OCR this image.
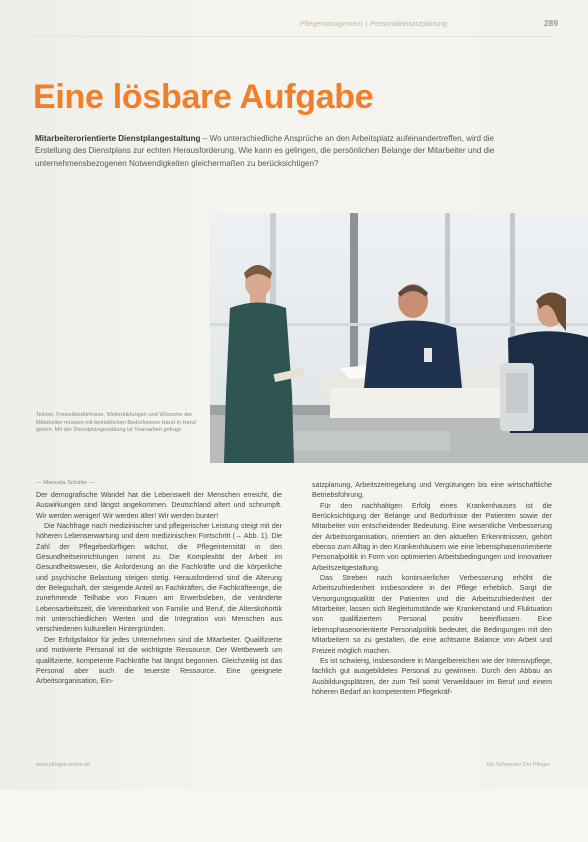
Pflegemanagement | Personaleinsatzplanung	289
Eine lösbare Aufgabe
Mitarbeiterorientierte Dienstplangestaltung – Wo unterschiedliche Ansprüche an den Arbeitsplatz aufeinandertreffen, wird die Erstellung des Dienstplans zur echten Herausforderung. Wie kann es gelingen, die persönlichen Belange der Mitarbeiter und die unternehmensbezogenen Notwendigkeiten gleichermaßen zu berücksichtigen?
Teilzeit, Freizeitbedürfnisse, Weiterbildungen und Wünsche der Mitarbeiter müssen mit betrieblichen Bedürfnissen Hand in Hand gehen. Mit der Dienstplangestaltung ist Teamarbeit gefragt.
— Manuela Schäfer —

Der demografische Wandel hat die Lebenswelt der Menschen erreicht, die Auswirkungen sind längst angekommen. Deutschland altert und schrumpft. Wir werden weniger! Wir werden älter! Wir werden bunter!

Die Nachfrage nach medizinischer und pflegerischer Leistung steigt mit der höheren Lebenserwartung und dem medizinischen Fortschritt (→ Abb. 1). Die Zahl der Pflegebedürftigen wächst, die Pflegeintensität in den Gesundheitseinrichtungen nimmt zu. Die Komplexität der Arbeit im Gesundheitswesen, die Anforderung an die Fachkräfte und die körperliche und psychische Belastung steigen stetig. Herausfordernd sind die Alterung der Belegschaft, der steigende Anteil an Fachkräften, die Fachkräfteenge, die zunehmende Teilhabe von Frauen am Erwerbsleben, die veränderte Lebensarbeitszeit, die Vereinbarkeit von Familie und Beruf, die Alterskohortik mit unterschiedlichen Werten und die Integration von Menschen aus verschiedenen kulturellen Hintergründen.

Der Erfolgsfaktor für jedes Unternehmen sind die Mitarbeiter. Qualifizierte und motivierte Personal ist die wichtigste Ressource. Der Wettbewerb um qualifizierte, kompetente Fachkräfte hat längst begonnen. Gleichzeitig ist das Personal aber auch die teuerste Ressource. Eine geeignete Arbeitsorganisation, Ein-

satzplanung, Arbeitszeitregelung und Vergütungen bis eine wirtschaftliche Betriebsführung.

Für den nachhaltigen Erfolg eines Krankenhauses ist die Berücksichtigung der Belange und Bedürfnisse der Patienten sowie der Mitarbeiter von entscheidender Bedeutung. Eine wesentliche Verbesserung der Arbeitsorganisation, orientiert an den aktuellen Erkenntnissen, gehört ebenso zum Alltag in den Krankenhäusern wie eine lebensphasenorientierte Personalpolitik in Form von optimierten Arbeitsbedingungen und innovativer Arbeitszeitgestaltung.

Das Streben nach kontinuierlicher Verbesserung erhöht die Arbeitszufriedenheit insbesondere in der Pflege erheblich. Sorgt die Versorgungsqualität der Patienten und die Arbeitszufriedenheit der Mitarbeiter, lassen sich Begleitumstände wie Krankenstand und Fluktuation von qualifiziertem Personal positiv beeinflussen. Eine lebensphasenorientierte Personalpolitik bedeutet, die Bedingungen mit den Mitarbeitern so zu gestalten, die eine achtsame Balance von Arbeit und Freizeit möglich machen.

Es ist schwierig, insbesondere in Mangelbereichen wie der Intensivpflege, fachlich gut ausgebildetes Personal zu gewinnen. Durch den Abbau an Ausbildungsplätzen, der zum Teil somit Verweildauer im Beruf und einem höheren Bedarf an kompetentem Pflegekräf-

www.pflegen-online.de	Die Schwester Der Pfleger
